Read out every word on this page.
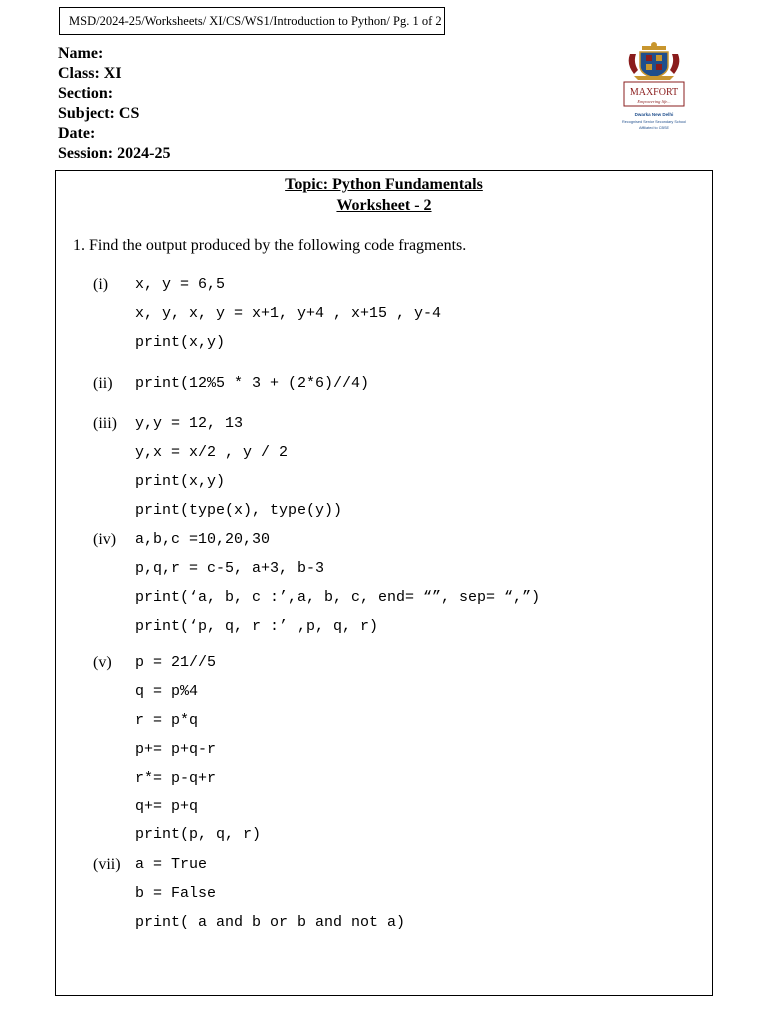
MSD/2024-25/Worksheets/ XI/CS/WS1/Introduction to Python/ Pg. 1 of 2
Name:
Class: XI
Section:
Subject: CS
Date:
Session: 2024-25
MAXFORT
Empowering life...
Dwarka New Delhi
Recognised Senior Secondary School
Affiliated to CBSE
Topic: Python Fundamentals
Worksheet - 2
1. Find the output produced by the following code fragments.
(i) x, y = 6,5
x, y, x, y = x+1, y+4 , x+15 , y-4
print(x,y)
(ii) print(12%5 * 3 + (2*6)//4)
(iii) y,y = 12, 13
y,x = x/2 , y / 2
print(x,y)
print(type(x), type(y))
(iv) a,b,c =10,20,30
p,q,r = c-5, a+3, b-3
print(‘a, b, c :’,a, b, c, end= “”, sep= “,”)
print(‘p, q, r :’ ,p, q, r)
(v) p = 21//5
q = p%4
r = p*q
p+= p+q-r
r*= p-q+r
q+= p+q
print(p, q, r)
(vii) a = True
b = False
print( a and b or b and not a)
